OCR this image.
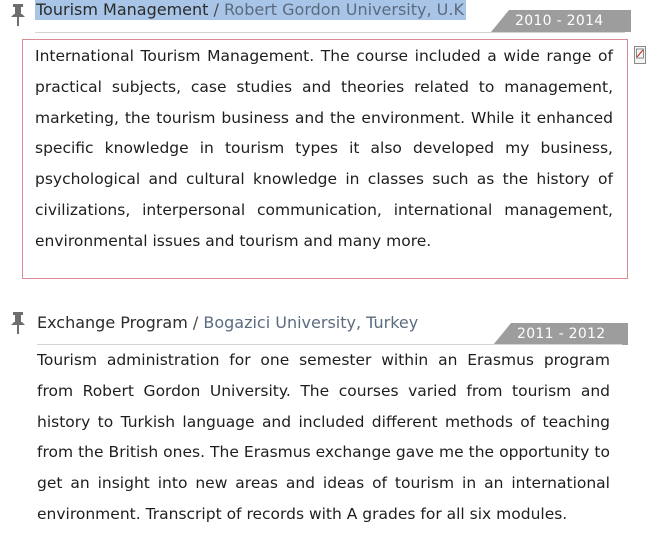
Tourism Management / Robert Gordon University, U.K
2010 - 2014
International Tourism Management. The course included a wide range of practical subjects, case studies and theories related to management, marketing, the tourism business and the environment. While it enhanced specific knowledge in tourism types it also developed my business, psychological and cultural knowledge in classes such as the history of civilizations, interpersonal communication, international management, environmental issues and tourism and many more.
Exchange Program / Bogazici University, Turkey
2011 - 2012
Tourism administration for one semester within an Erasmus program from Robert Gordon University. The courses varied from tourism and history to Turkish language and included different methods of teaching from the British ones. The Erasmus exchange gave me the opportunity to get an insight into new areas and ideas of tourism in an international environment. Transcript of records with A grades for all six modules.
